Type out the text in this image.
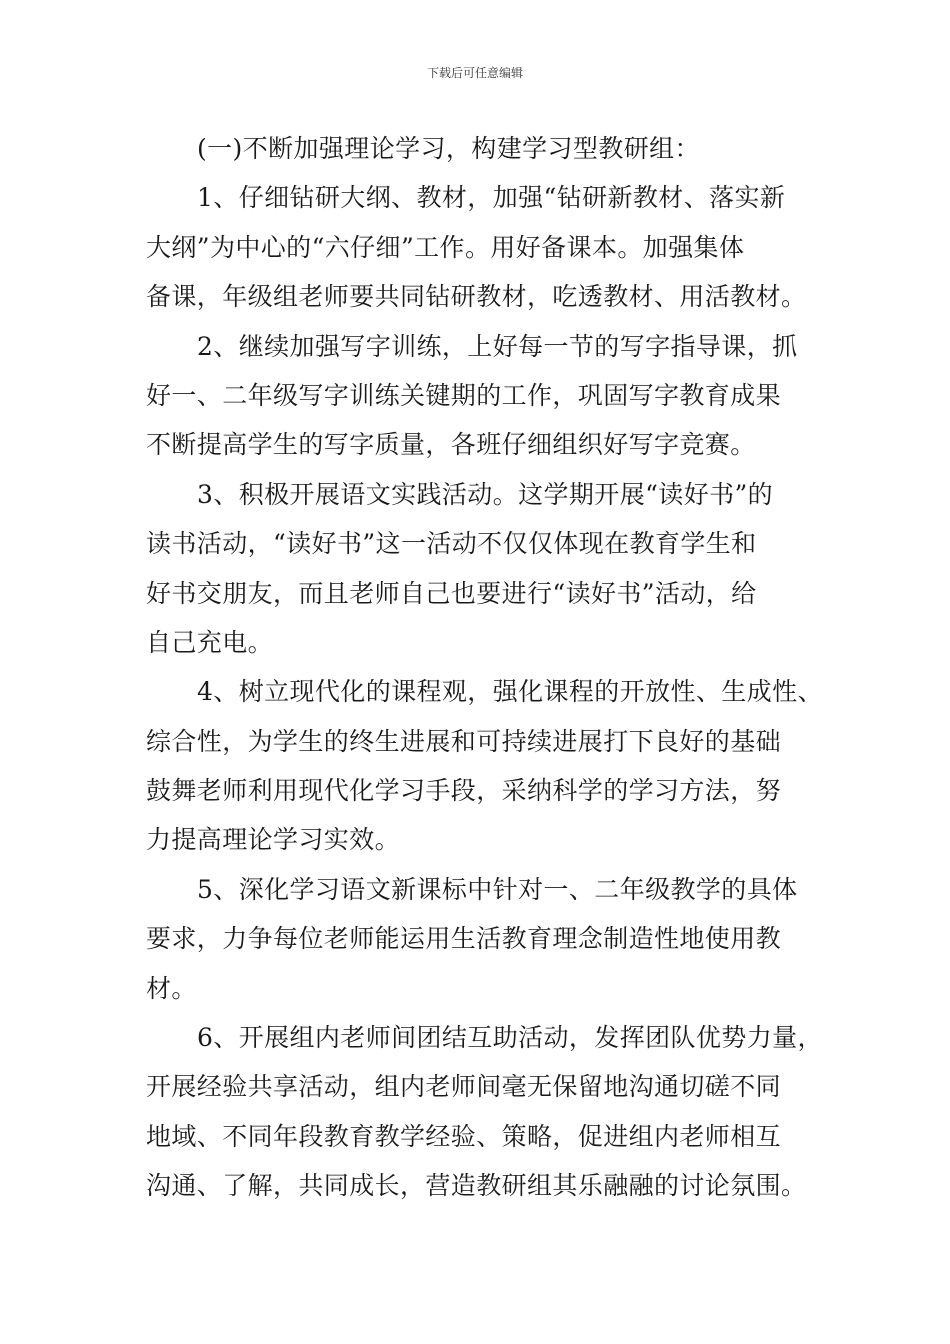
下载后可任意编辑
(一)不断加强理论学习，构建学习型教研组：
1、仔细钻研大纲、教材，加强“钻研新教材、落实新
大纲”为中心的“六仔细”工作。用好备课本。加强集体
备课，年级组老师要共同钻研教材，吃透教材、用活教材。
2、继续加强写字训练，上好每一节的写字指导课，抓
好一、二年级写字训练关键期的工作，巩固写字教育成果
不断提高学生的写字质量，各班仔细组织好写字竞赛。
3、积极开展语文实践活动。这学期开展“读好书”的
读书活动，“读好书”这一活动不仅仅体现在教育学生和
好书交朋友，而且老师自己也要进行“读好书”活动，给
自己充电。
4、树立现代化的课程观，强化课程的开放性、生成性、
综合性，为学生的终生进展和可持续进展打下良好的基础
鼓舞老师利用现代化学习手段，采纳科学的学习方法，努
力提高理论学习实效。
5、深化学习语文新课标中针对一、二年级教学的具体
要求，力争每位老师能运用生活教育理念制造性地使用教
材。
6、开展组内老师间团结互助活动，发挥团队优势力量，
开展经验共享活动，组内老师间毫无保留地沟通切磋不同
地域、不同年段教育教学经验、策略，促进组内老师相互
沟通、了解，共同成长，营造教研组其乐融融的讨论氛围。
